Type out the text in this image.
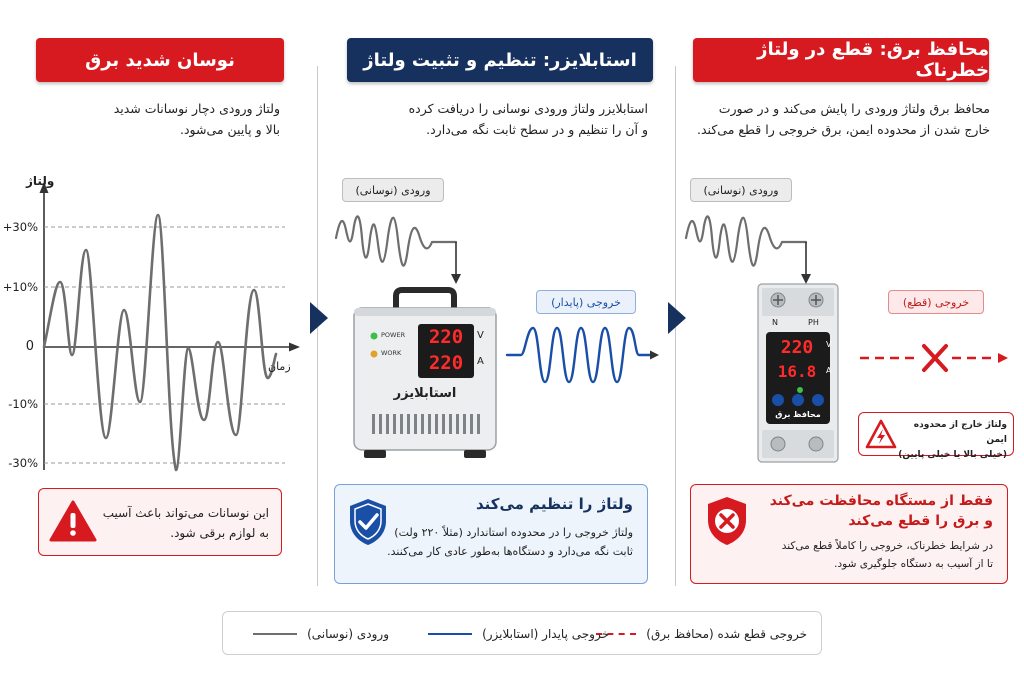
نوسان شدید برق
ولتاژ ورودی دچار نوسانات شدید
بالا و پایین می‌شود.
ولتاژ
زمان
+30%
+10%
0
-10%
-30%
این نوسانات می‌تواند باعث آسیب
به لوازم برقی شود.
استابلایزر: تنظیم و تثبیت ولتاژ
استابلایزر ولتاژ ورودی نوسانی را دریافت کرده
و آن را تنظیم و در سطح ثابت نگه می‌دارد.
ورودی (نوسانی)
220
220
V
A
POWER
WORK
استابلایزر
خروجی (پایدار)
ولتاژ را تنظیم می‌کند
ولتاژ خروجی را در محدوده استاندارد (مثلاً ۲۲۰ ولت)
ثابت نگه می‌دارد و دستگاه‌ها به‌طور عادی کار می‌کنند.
محافظ برق: قطع در ولتاژ خطرناک
محافظ برق ولتاژ ورودی را پایش می‌کند و در صورت
خارج شدن از محدوده ایمن، برق خروجی را قطع می‌کند.
ورودی (نوسانی)
N	PH
220
16.8
V
A
محافظ برق
خروجی (قطع)
ولتاژ خارج از محدوده ایمن
(خیلی بالا یا خیلی پایین)
فقط از مستگاه محافظت می‌کند
و برق را قطع می‌کند
در شرایط خطرناک، خروجی را کاملاً قطع می‌کند
تا از آسیب به دستگاه جلوگیری شود.
خروجی قطع شده (محافظ برق)
خروجی پایدار (استابلایزر)
ورودی (نوسانی)
